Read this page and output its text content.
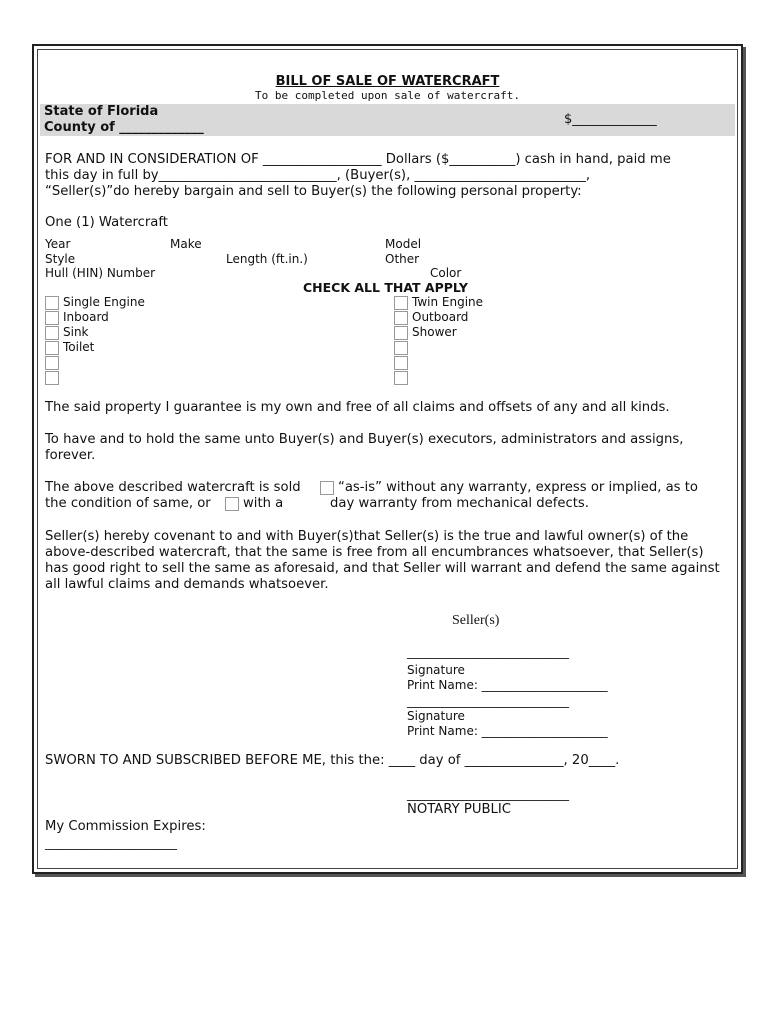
BILL OF SALE OF WATERCRAFT
To be completed upon sale of watercraft.
State of Florida
County of _____________
$_____________
FOR AND IN CONSIDERATION OF __________________ Dollars ($__________) cash in hand, paid me
this day in full by___________________________, (Buyer(s), __________________________,
“Seller(s)”do hereby bargain and sell to Buyer(s) the following personal property:
One (1) Watercraft
Year	Make	Model
Style	Length (ft.in.)	Other
Hull (HIN) Number	Color
CHECK ALL THAT APPLY
Single Engine
Inboard
Sink
Toilet
Twin Engine
Outboard
Shower
The said property I guarantee is my own and free of all claims and offsets of any and all kinds.
To have and to hold the same unto Buyer(s) and Buyer(s) executors, administrators and assigns, forever.
The above described watercraft is sold	“as-is” without any warranty, express or implied, as to
the condition of same, or with a	day warranty from mechanical defects.
Seller(s) hereby covenant to and with Buyer(s)that Seller(s) is the true and lawful owner(s) of the above-described watercraft, that the same is free from all encumbrances whatsoever, that Seller(s) has good right to sell the same as aforesaid, and that Seller will warrant and defend the same against all lawful claims and demands whatsoever.
Seller(s)
___________________________
Signature
Print Name: _____________________
___________________________
Signature
Print Name: _____________________
SWORN TO AND SUBSCRIBED BEFORE ME, this the: ____ day of _______________, 20____.
___________________________
NOTARY PUBLIC
My Commission Expires:
______________________
